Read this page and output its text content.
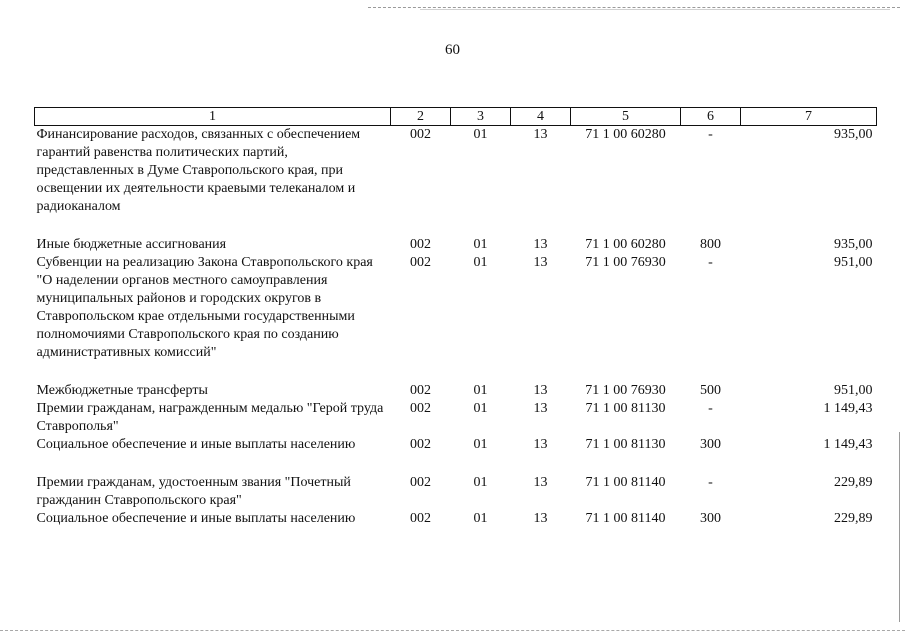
60
1	2	3	4	5	6	7
Финансирование расходов, связанных с обеспечением гарантий равенства политических партий, представленных в Думе Ставропольского края, при освещении их деятельности краевыми телеканалом и радиоканалом	002	01	13	71 1 00 60280	-	935,00

Иные бюджетные ассигнования	002	01	13	71 1 00 60280	800	935,00
Субвенции на реализацию Закона Ставропольского края "О наделении органов местного самоуправления муниципальных районов и городских округов в Ставропольском крае отдельными государственными полномочиями Ставропольского края по созданию административных комиссий"	002	01	13	71 1 00 76930	-	951,00

Межбюджетные трансферты	002	01	13	71 1 00 76930	500	951,00
Премии гражданам, награжденным медалью "Герой труда Ставрополья"	002	01	13	71 1 00 81130	-	1 149,43
Социальное обеспечение и иные выплаты населению	002	01	13	71 1 00 81130	300	1 149,43

Премии гражданам, удостоенным звания "Почетный гражданин Ставропольского края"	002	01	13	71 1 00 81140	-	229,89
Социальное обеспечение и иные выплаты населению	002	01	13	71 1 00 81140	300	229,89
